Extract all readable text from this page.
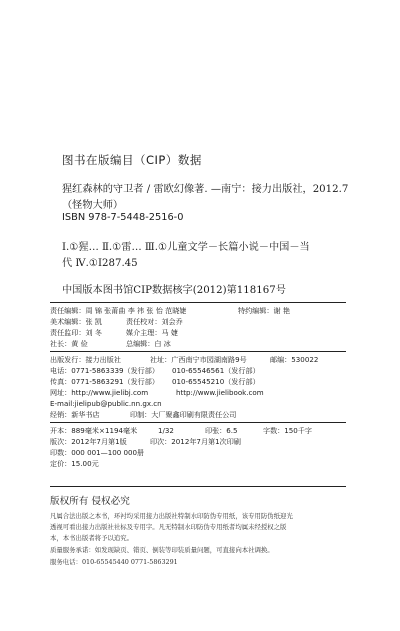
图书在版编目（CIP）数据
猩红森林的守卫者 / 雷欧幻像著. —南宁：接力出版社，2012.7
（怪物大师）
ISBN 978-7-5448-2516-0
Ⅰ.①猩… Ⅱ.①雷… Ⅲ.①儿童文学－长篇小说－中国－当
代 Ⅳ.①I287.45
中国版本图书馆CIP数据核字(2012)第118167号
责任编辑：周 锦 张莆曲 李 祎 张 怡 范晓婕	特约编辑：谢 艳
美术编辑：张 凯	责任校对：刘会乔
责任监印：刘 冬	媒介主理：马 婕
社长：黄 俭	总编辑：白 冰
出版发行：接力出版社	社址：广西南宁市园湖南路9号	邮编：530022
电话：0771-5863339（发行部） 010-65546561（发行部）
传真：0771-5863291（发行部） 010-65545210（发行部）
网址：http://www.jielibj.com	http://www.jielibook.com
E-mail:jielipub@public.nn.gx.cn
经销：新华书店	印制：大厂聚鑫印刷有限责任公司
开本：889毫米×1194毫米	1/32	印张：6.5	字数：150千字
版次：2012年7月第1版	印次：2012年7月第1次印刷
印数：000 001—100 000册
定价：15.00元
版权所有 侵权必究
凡属合法出版之本书，环衬均采用接力出版社特制水印防伪专用纸，该专用防伪纸迎光
透视可看出接力出版社社标及专用字。凡无特制水印防伪专用纸者均属未经授权之版
本，本书出版者将予以追究。
质量服务承诺：如发现缺页、错页、倒装等印装质量问题，可直接向本社调换。
服务电话：010-65545440 0771-5863291
